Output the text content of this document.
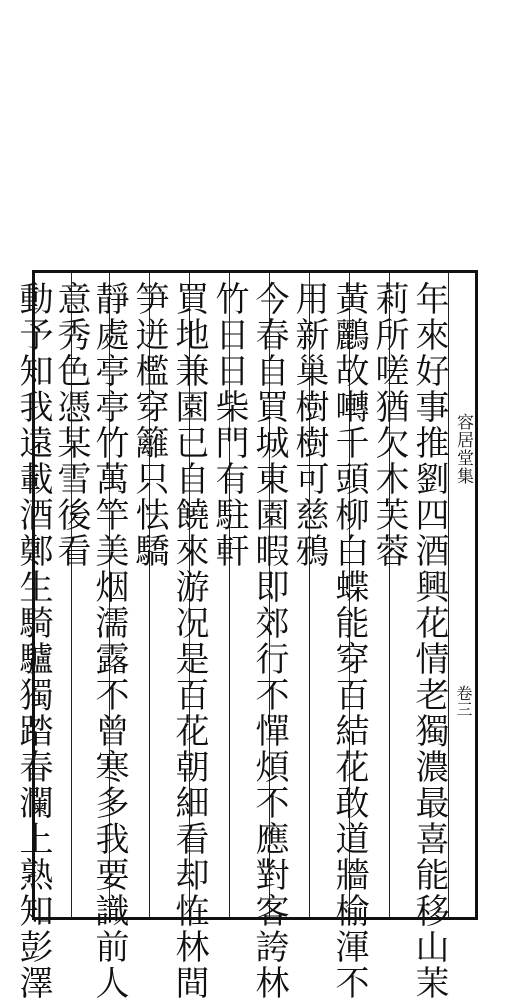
容居堂集
卷三
年來好事推劉四酒興花情老獨濃最喜能移山茉
莉所嗟猶欠木芙蓉
黃鸝故囀千頭柳白蝶能穿百結花敢道牆榆渾不
用新巢樹樹可慈鴉
今春自買城東園暇即郊行不憚煩不應對客誇林
竹日日柴門有駐軒
買地兼園已自饒來游况是百花朝細看却恠林間
笋迸檻穿籬只怯驕
靜處亭亭竹萬竿美烟濡露不曾寒多我要識前人
意秀色憑某雪後看
動予知我遠載酒鄭生騎驢獨踏春瀾上熟知彭澤
